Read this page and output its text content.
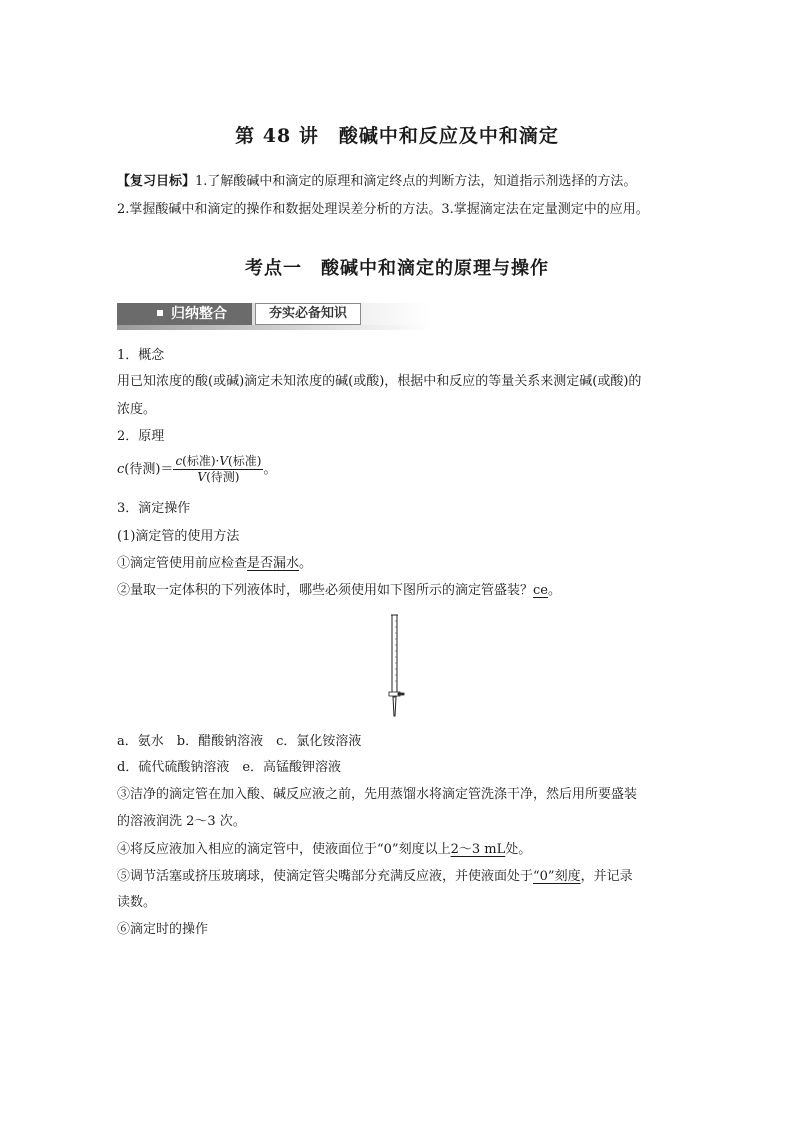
第 48 讲　酸碱中和反应及中和滴定
【复习目标】1.了解酸碱中和滴定的原理和滴定终点的判断方法，知道指示剂选择的方法。
2.掌握酸碱中和滴定的操作和数据处理误差分析的方法。3.掌握滴定法在定量测定中的应用。
考点一　酸碱中和滴定的原理与操作
归纳整合	夯实必备知识
1．概念
用已知浓度的酸(或碱)滴定未知浓度的碱(或酸)，根据中和反应的等量关系来测定碱(或酸)的
浓度。
2．原理
c(待测)＝ $\frac{\text{c(标准)·V(标准)}}{\text{V(待测)}}$ 。
3．滴定操作
(1)滴定管的使用方法
①滴定管使用前应检查是否漏水。
②量取一定体积的下列液体时，哪些必须使用如下图所示的滴定管盛装？ce。
a．氨水　b．醋酸钠溶液　c．氯化铵溶液
d．硫代硫酸钠溶液　e．高锰酸钾溶液
③洁净的滴定管在加入酸、碱反应液之前，先用蒸馏水将滴定管洗涤干净，然后用所要盛装
的溶液润洗 2～3 次。
④将反应液加入相应的滴定管中，使液面位于“0”刻度以上2～3 mL处。
⑤调节活塞或挤压玻璃球，使滴定管尖嘴部分充满反应液，并使液面处于“0”刻度，并记录
读数。
⑥滴定时的操作
